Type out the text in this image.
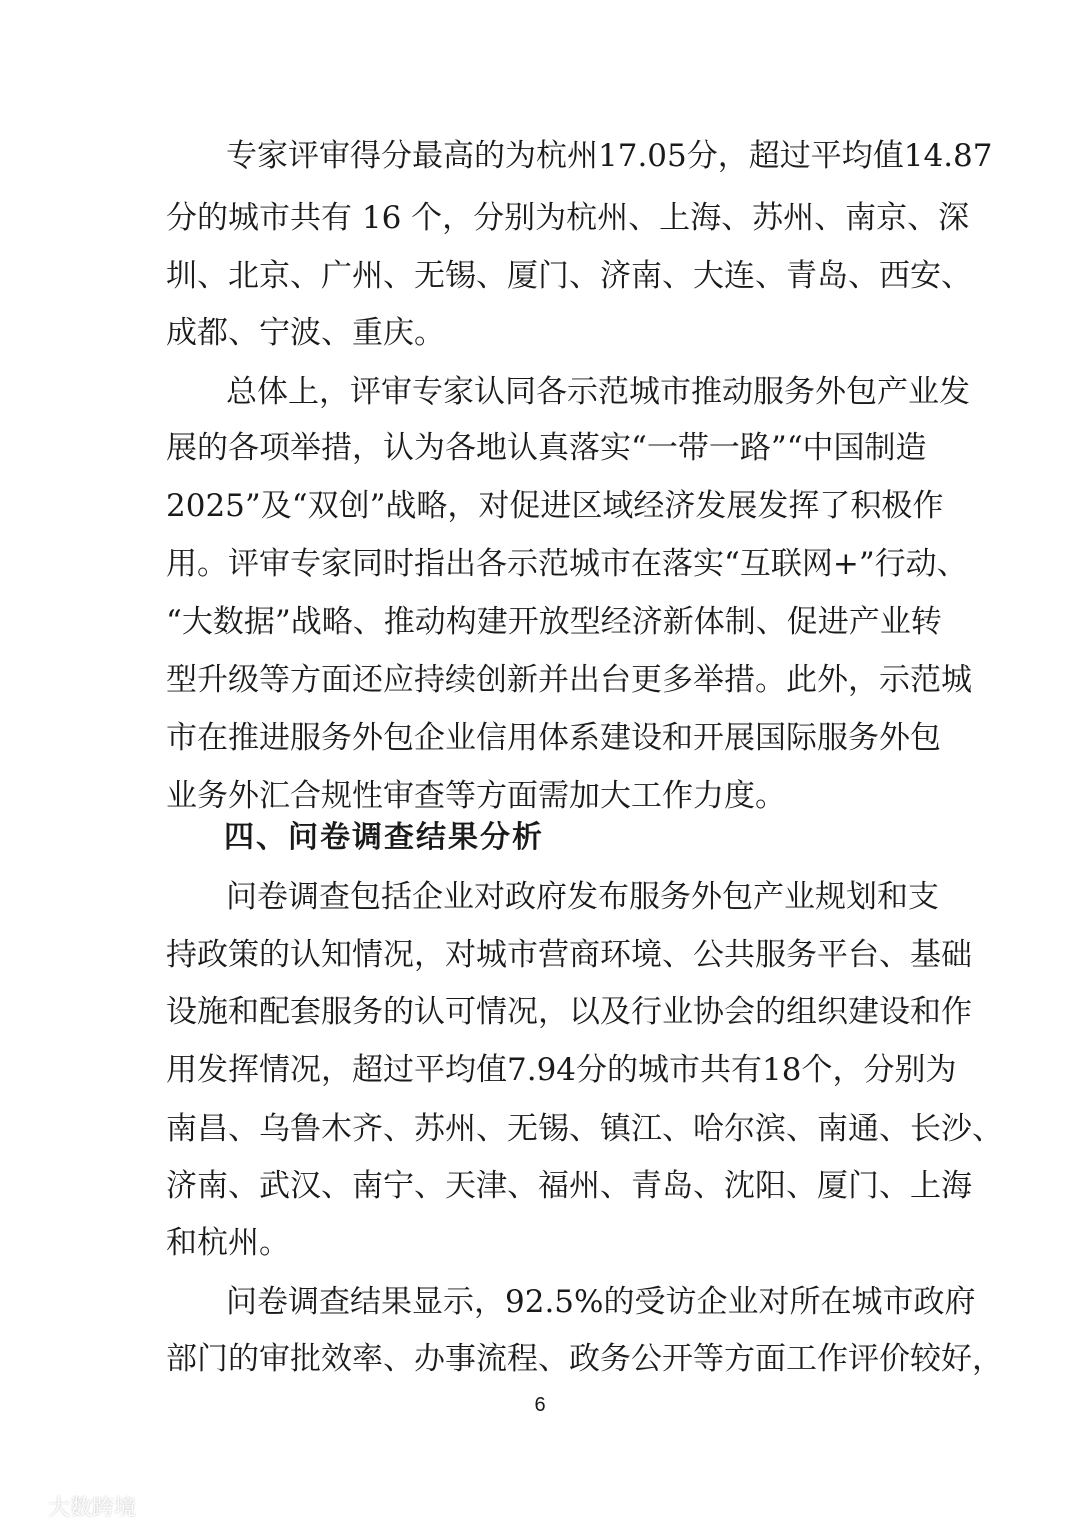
专家评审得分最高的为杭州17.05分，超过平均值14.87
分的城市共有 16 个，分别为杭州、上海、苏州、南京、深
圳、北京、广州、无锡、厦门、济南、大连、青岛、西安、
成都、宁波、重庆。
总体上，评审专家认同各示范城市推动服务外包产业发
展的各项举措，认为各地认真落实“一带一路”“中国制造
2025”及“双创”战略，对促进区域经济发展发挥了积极作
用。评审专家同时指出各示范城市在落实“互联网+”行动、
“大数据”战略、推动构建开放型经济新体制、促进产业转
型升级等方面还应持续创新并出台更多举措。此外，示范城
市在推进服务外包企业信用体系建设和开展国际服务外包
业务外汇合规性审查等方面需加大工作力度。
四、问卷调查结果分析
问卷调查包括企业对政府发布服务外包产业规划和支
持政策的认知情况，对城市营商环境、公共服务平台、基础
设施和配套服务的认可情况，以及行业协会的组织建设和作
用发挥情况，超过平均值7.94分的城市共有18个，分别为
南昌、乌鲁木齐、苏州、无锡、镇江、哈尔滨、南通、长沙、
济南、武汉、南宁、天津、福州、青岛、沈阳、厦门、上海
和杭州。
问卷调查结果显示，92.5%的受访企业对所在城市政府
部门的审批效率、办事流程、政务公开等方面工作评价较好，
6
大数跨境
